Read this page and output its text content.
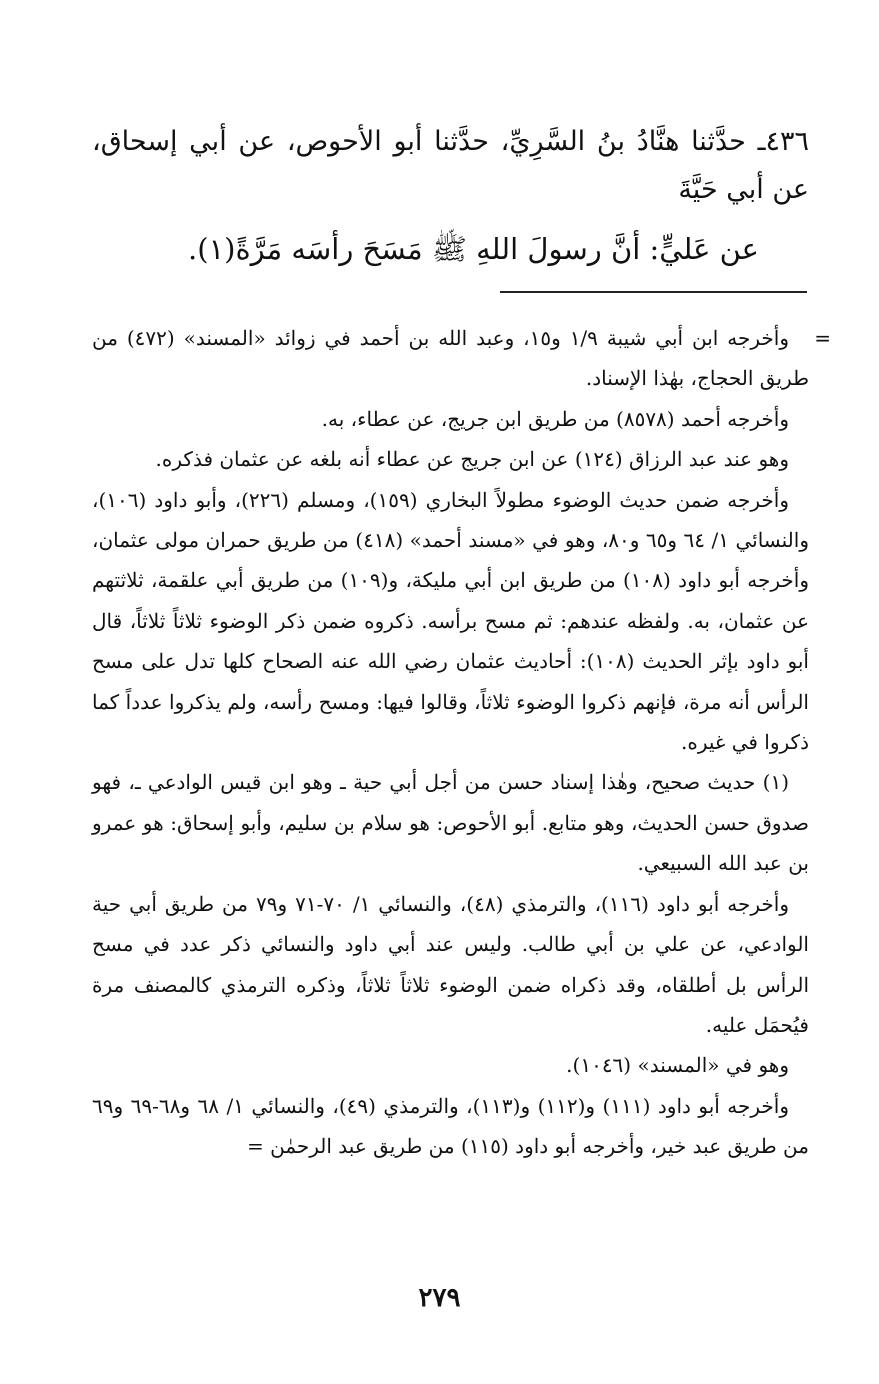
٤٣٦ـ حدَّثنا هنَّادُ بنُ السَّرِيِّ، حدَّثنا أبو الأحوص، عن أبي إسحاق، عن أبي حَيَّةَ
عن عَليٍّ: أنَّ رسولَ اللهِ ﷺ مَسَحَ رأسَه مَرَّةً(١).
=

وأخرجه ابن أبي شيبة ١/٩ و١٥، وعبد الله بن أحمد في زوائد «المسند» (٤٧٢) من طريق الحجاج، بهٰذا الإسناد.

وأخرجه أحمد (٨٥٧٨) من طريق ابن جريج، عن عطاء، به.

وهو عند عبد الرزاق (١٢٤) عن ابن جريج عن عطاء أنه بلغه عن عثمان فذكره.

وأخرجه ضمن حديث الوضوء مطولاً البخاري (١٥٩)، ومسلم (٢٢٦)، وأبو داود (١٠٦)، والنسائي ١/ ٦٤ و٦٥ و٨٠، وهو في «مسند أحمد» (٤١٨) من طريق حمران مولى عثمان، وأخرجه أبو داود (١٠٨) من طريق ابن أبي مليكة، و(١٠٩) من طريق أبي علقمة، ثلاثتهم عن عثمان، به. ولفظه عندهم: ثم مسح برأسه. ذكروه ضمن ذكر الوضوء ثلاثاً ثلاثاً، قال أبو داود بإثر الحديث (١٠٨): أحاديث عثمان رضي الله عنه الصحاح كلها تدل على مسح الرأس أنه مرة، فإنهم ذكروا الوضوء ثلاثاً، وقالوا فيها: ومسح رأسه، ولم يذكروا عدداً كما ذكروا في غيره.

(١) حديث صحيح، وهٰذا إسناد حسن من أجل أبي حية ـ وهو ابن قيس الوادعي ـ، فهو صدوق حسن الحديث، وهو متابع. أبو الأحوص: هو سلام بن سليم، وأبو إسحاق: هو عمرو بن عبد الله السبيعي.

وأخرجه أبو داود (١١٦)، والترمذي (٤٨)، والنسائي ١/ ٧٠-٧١ و٧٩ من طريق أبي حية الوادعي، عن علي بن أبي طالب. وليس عند أبي داود والنسائي ذكر عدد في مسح الرأس بل أطلقاه، وقد ذكراه ضمن الوضوء ثلاثاً ثلاثاً، وذكره الترمذي كالمصنف مرة فيُحمَل عليه.

وهو في «المسند» (١٠٤٦).

وأخرجه أبو داود (١١١) و(١١٢) و(١١٣)، والترمذي (٤٩)، والنسائي ١/ ٦٨ و٦٨-٦٩ و٦٩ من طريق عبد خير، وأخرجه أبو داود (١١٥) من طريق عبد الرحمٰن =

٢٧٩
